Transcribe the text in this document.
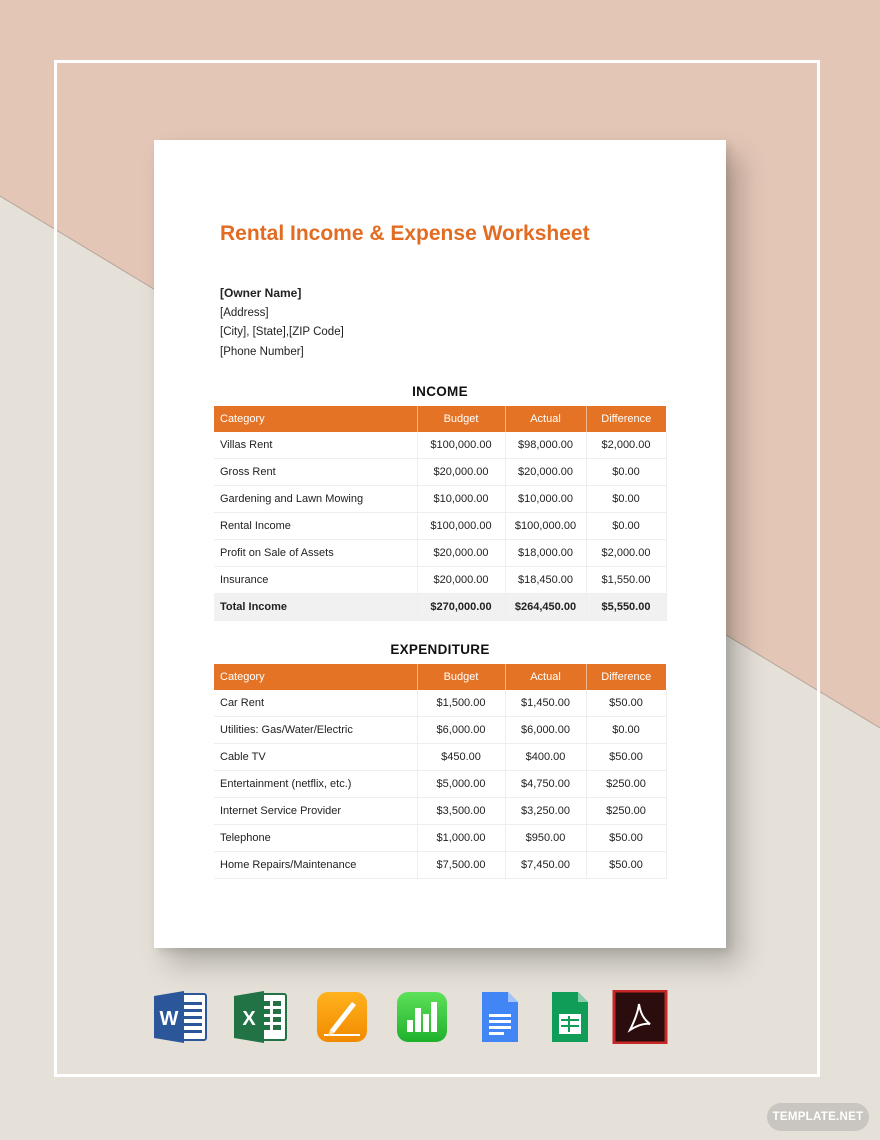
Rental Income & Expense Worksheet
[Owner Name]
[Address]
[City], [State],[ZIP Code]
[Phone Number]
INCOME
Category	Budget	Actual	Difference
Villas Rent	$100,000.00	$98,000.00	$2,000.00
Gross Rent	$20,000.00	$20,000.00	$0.00
Gardening and Lawn Mowing	$10,000.00	$10,000.00	$0.00
Rental Income	$100,000.00	$100,000.00	$0.00
Profit on Sale of Assets	$20,000.00	$18,000.00	$2,000.00
Insurance	$20,000.00	$18,450.00	$1,550.00
Total Income	$270,000.00	$264,450.00	$5,550.00
EXPENDITURE
Category	Budget	Actual	Difference
Car Rent	$1,500.00	$1,450.00	$50.00
Utilities: Gas/Water/Electric	$6,000.00	$6,000.00	$0.00
Cable TV	$450.00	$400.00	$50.00
Entertainment (netflix, etc.)	$5,000.00	$4,750.00	$250.00
Internet Service Provider	$3,500.00	$3,250.00	$250.00
Telephone	$1,000.00	$950.00	$50.00
Home Repairs/Maintenance	$7,500.00	$7,450.00	$50.00
W	X
TEMPLATE.NET
